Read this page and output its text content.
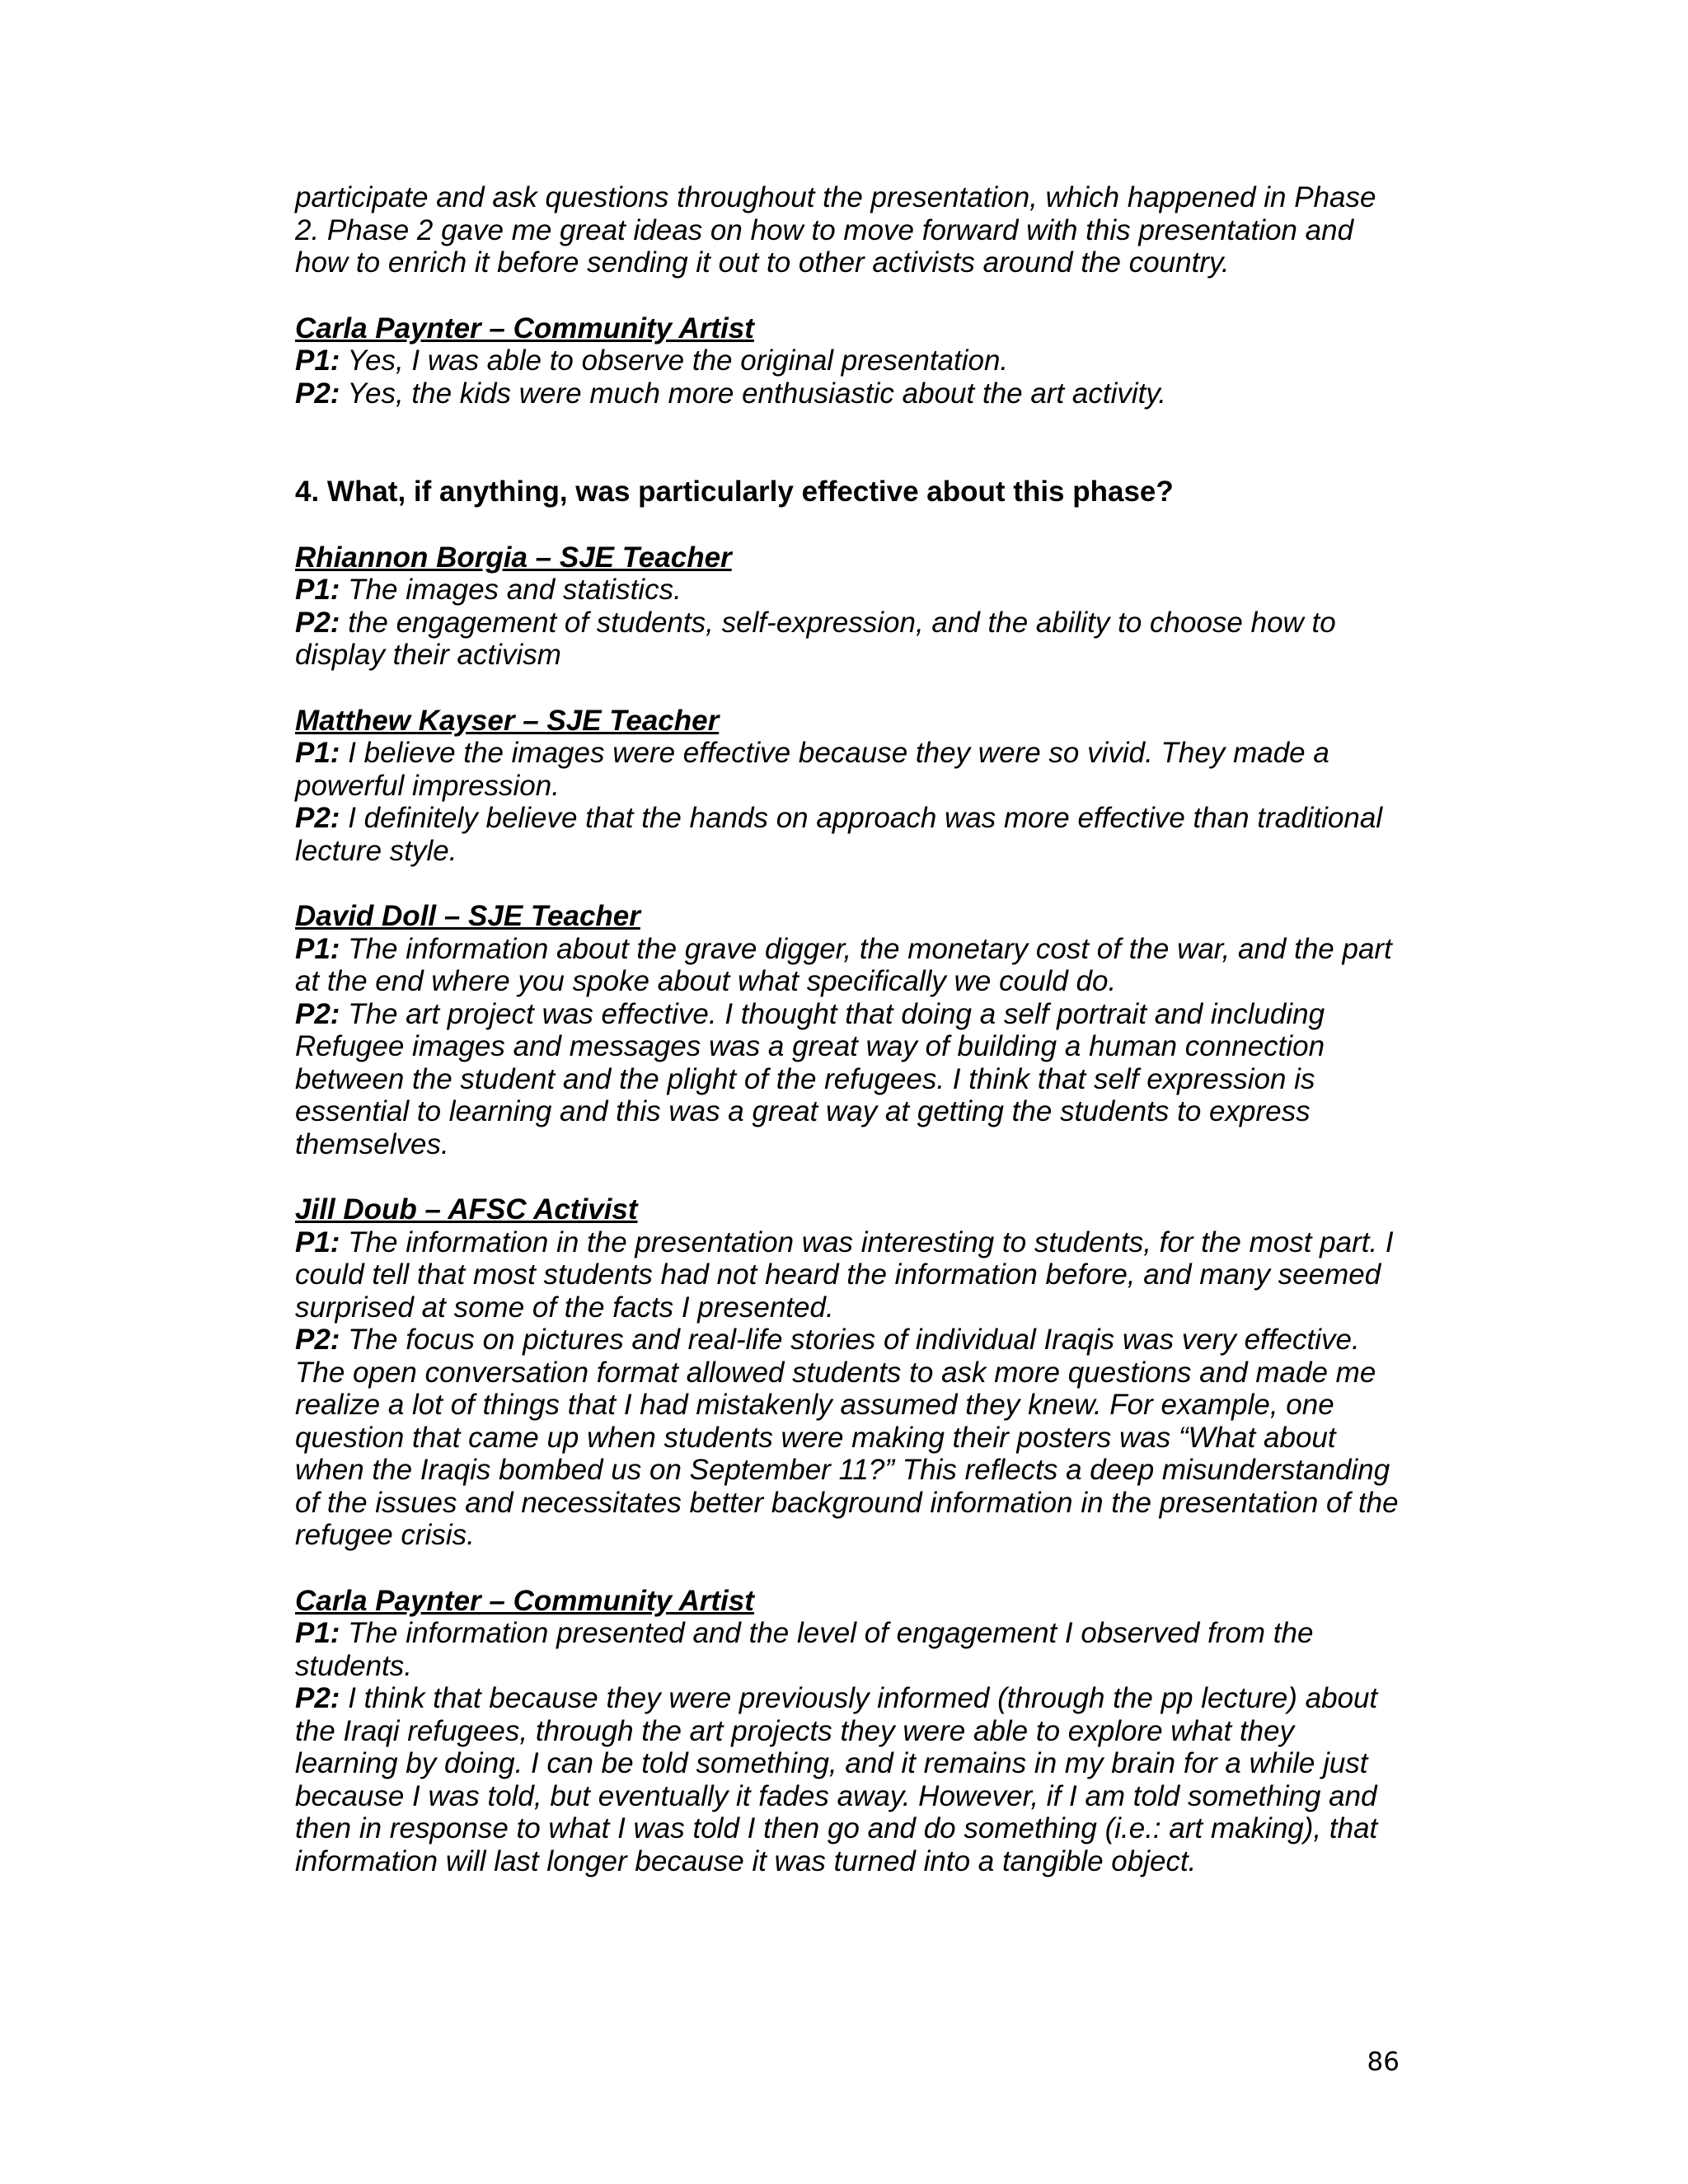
participate and ask questions throughout the presentation, which happened in Phase 2. Phase 2 gave me great ideas on how to move forward with this presentation and how to enrich it before sending it out to other activists around the country.

Carla Paynter – Community Artist

P1: Yes, I was able to observe the original presentation.

P2: Yes, the kids were much more enthusiastic about the art activity.

4. What, if anything, was particularly effective about this phase?

Rhiannon Borgia – SJE Teacher

P1: The images and statistics.

P2: the engagement of students, self-expression, and the ability to choose how to display their activism

Matthew Kayser – SJE Teacher

P1: I believe the images were effective because they were so vivid. They made a powerful impression.

P2: I definitely believe that the hands on approach was more effective than traditional lecture style.

David Doll – SJE Teacher

P1: The information about the grave digger, the monetary cost of the war, and the part at the end where you spoke about what specifically we could do.

P2: The art project was effective. I thought that doing a self portrait and including Refugee images and messages was a great way of building a human connection between the student and the plight of the refugees. I think that self expression is essential to learning and this was a great way at getting the students to express themselves.

Jill Doub – AFSC Activist

P1: The information in the presentation was interesting to students, for the most part. I could tell that most students had not heard the information before, and many seemed surprised at some of the facts I presented.

P2: The focus on pictures and real-life stories of individual Iraqis was very effective. The open conversation format allowed students to ask more questions and made me realize a lot of things that I had mistakenly assumed they knew. For example, one question that came up when students were making their posters was “What about when the Iraqis bombed us on September 11?” This reflects a deep misunderstanding of the issues and necessitates better background information in the presentation of the refugee crisis.

Carla Paynter – Community Artist

P1: The information presented and the level of engagement I observed from the students.

P2: I think that because they were previously informed (through the pp lecture) about the Iraqi refugees, through the art projects they were able to explore what they learning by doing. I can be told something, and it remains in my brain for a while just because I was told, but eventually it fades away. However, if I am told something and then in response to what I was told I then go and do something (i.e.: art making), that information will last longer because it was turned into a tangible object.

86
